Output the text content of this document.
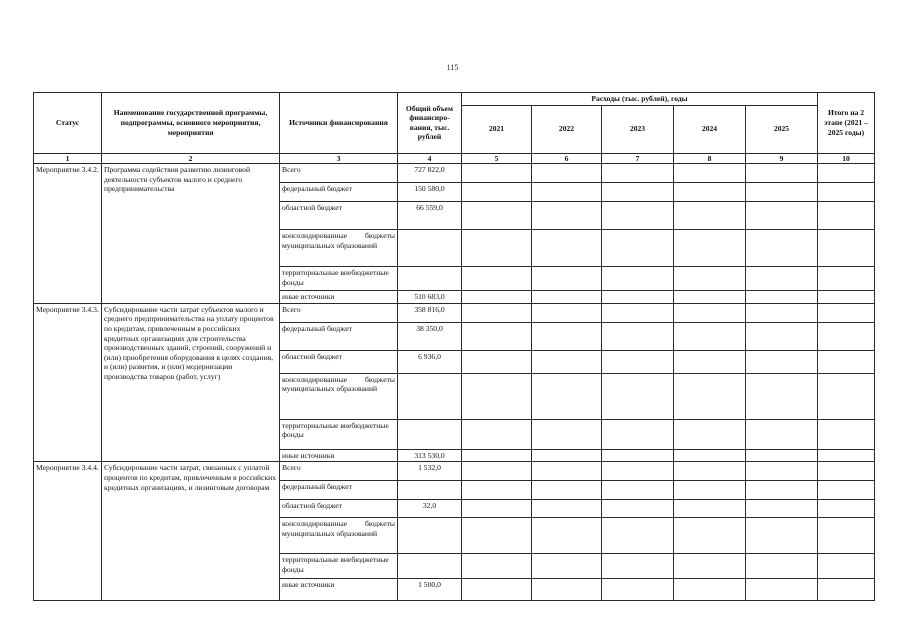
115
Статус	Наименование государственной программы, подпрограммы, основного мероприятия, мероприятия	Источники финансирования	Общий объем финансиро-вания, тыс. рублей	Расходы (тыс. рублей), годы					Итого на 2 этапе (2021 – 2025 годы)
				2021	2022	2023	2024	2025	
1	2	3	4	5	6	7	8	9	10
Мероприятие 3.4.2.	Программа содействия развитию лизинговой деятельности субъектов малого и среднего предпринимательства	Всего	727 822,0						
		федеральный бюджет	150 580,0						
		областной бюджет	66 559,0						
		консолидированные бюджеты муниципальных образований							
		территориальные внебюджетные фонды							
		иные источники	510 683,0						
Мероприятие 3.4.3.	Субсидирование части затрат субъектов малого и среднего предпринимательства на уплату процентов по кредитам, привлеченным в российских кредитных организациях для строительства производственных зданий, строений, сооружений и (или) приобретения оборудования в целях создания, и (или) развития, и (или) модернизации производства товаров (работ, услуг)	Всего	358 816,0						
		федеральный бюджет	38 350,0						
		областной бюджет	6 936,0						
		консолидированные бюджеты муниципальных образований							
		территориальные внебюджетные фонды							
		иные источники	313 530,0						
Мероприятие 3.4.4.	Субсидирование части затрат, связанных с уплатой процентов по кредитам, привлеченным в российских кредитных организациях, и лизинговым договорам	Всего	1 532,0						
		федеральный бюджет							
		областной бюджет	32,0						
		консолидированные бюджеты муниципальных образований							
		территориальные внебюджетные фонды							
		иные источники	1 500,0						
